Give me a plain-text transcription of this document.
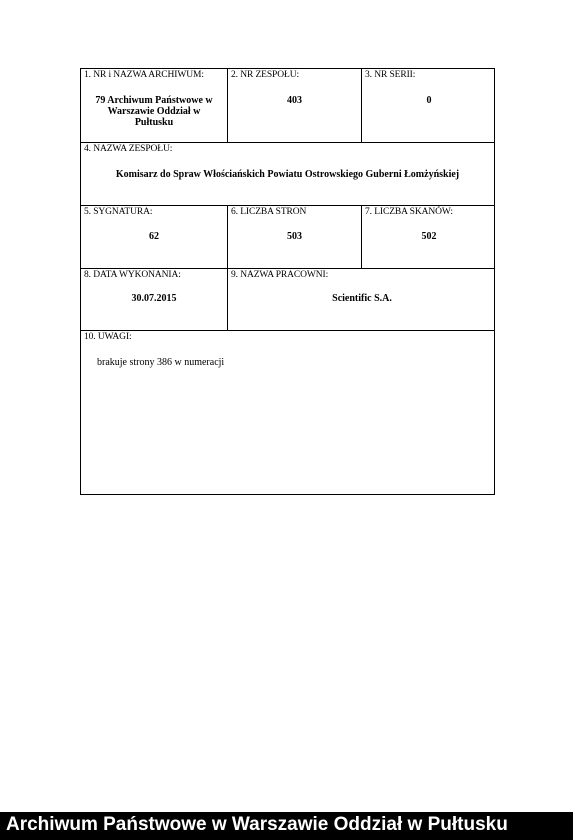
1. NR i NAZWA ARCHIWUM:
79 Archiwum Państwowe w Warszawie Oddział w Pułtusku
2. NR ZESPOŁU:
403
3. NR SERII:
0
4. NAZWA ZESPOŁU:
Komisarz do Spraw Włościańskich Powiatu Ostrowskiego Guberni Łomżyńskiej
5. SYGNATURA:
62
6. LICZBA STRON
503
7. LICZBA SKANÓW:
502
8. DATA WYKONANIA:
30.07.2015
9. NAZWA PRACOWNI:
Scientific S.A.
10. UWAGI:
brakuje strony 386 w numeracji
Archiwum Państwowe w Warszawie Oddział w Pułtusku
